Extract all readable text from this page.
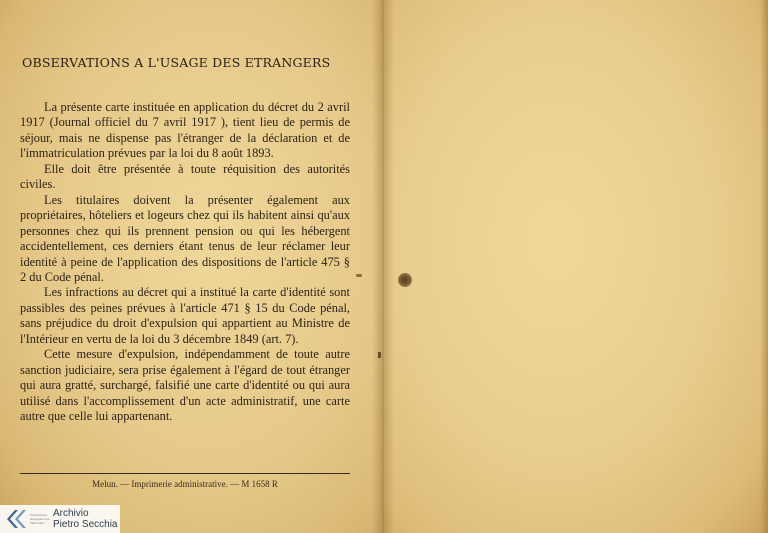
OBSERVATIONS A L'USAGE DES ETRANGERS

La présente carte instituée en application du décret du 2 avril 1917 (Journal officiel du 7 avril 1917 ), tient lieu de permis de séjour, mais ne dispense pas l'étranger de la déclaration et de l'immatriculation prévues par la loi du 8 août 1893.

Elle doit être présentée à toute réquisition des autorités civiles.

Les titulaires doivent la présenter également aux propriétaires, hôteliers et logeurs chez qui ils habitent ainsi qu'aux personnes chez qui ils prennent pension ou qui les hébergent accidentellement, ces derniers étant tenus de leur réclamer leur identité à peine de l'application des dispositions de l'article 475 § 2 du Code pénal.

Les infractions au décret qui a institué la carte d'identité sont passibles des peines prévues à l'article 471 § 15 du Code pénal, sans préjudice du droit d'expulsion qui appartient au Ministre de l'Intérieur en vertu de la loi du 3 décembre 1849 (art. 7).

Cette mesure d'expulsion, indépendamment de toute autre sanction judiciaire, sera prise également à l'égard de tout étranger qui aura gratté, surchargé, falsifié une carte d'identité ou qui aura utilisé dans l'accomplissement d'un acte administratif, une carte autre que celle lui appartenant.

Melun. — Imprimerie administrative. — M 1658 R
Fondazione Giangiacomo Feltrinelli
Archivio
Pietro Secchia
